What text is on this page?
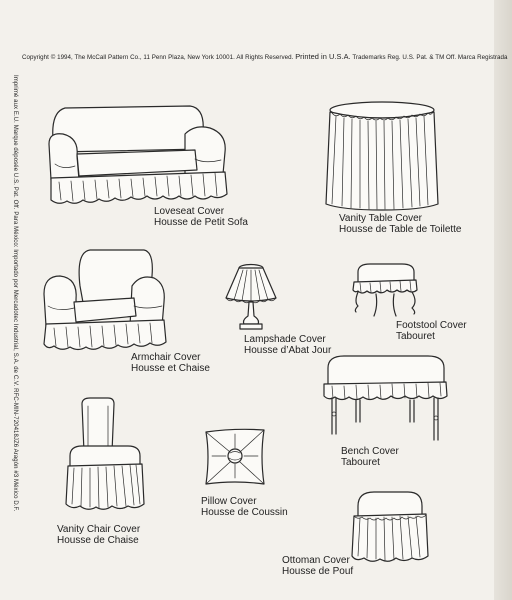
Copyright © 1994, The McCall Pattern Co., 11 Penn Plaza, New York 10001. All Rights Reserved. Printed in U.S.A. Trademarks Reg. U.S. Pat. & TM Off. Marca Registrada
Imprimé aux E.U. Marque déposée U.S. Pat. Off. Para México: Importado por Mercadotec Industrial, S.A. de C.V. RFC-MIN-720418JZ6 Aragón #3 México D.F.	Loveseat Cover
Housse de Petit Sofa	Vanity Table Cover
Housse de Table de Toilette
Armchair Cover
Housse et Chaise
Lampshade Cover
Housse d’Abat Jour
Footstool Cover
Tabouret
Bench Cover
Tabouret
Vanity Chair Cover
Housse de Chaise
Pillow Cover
Housse de Coussin
Ottoman Cover
Housse de Pouf
